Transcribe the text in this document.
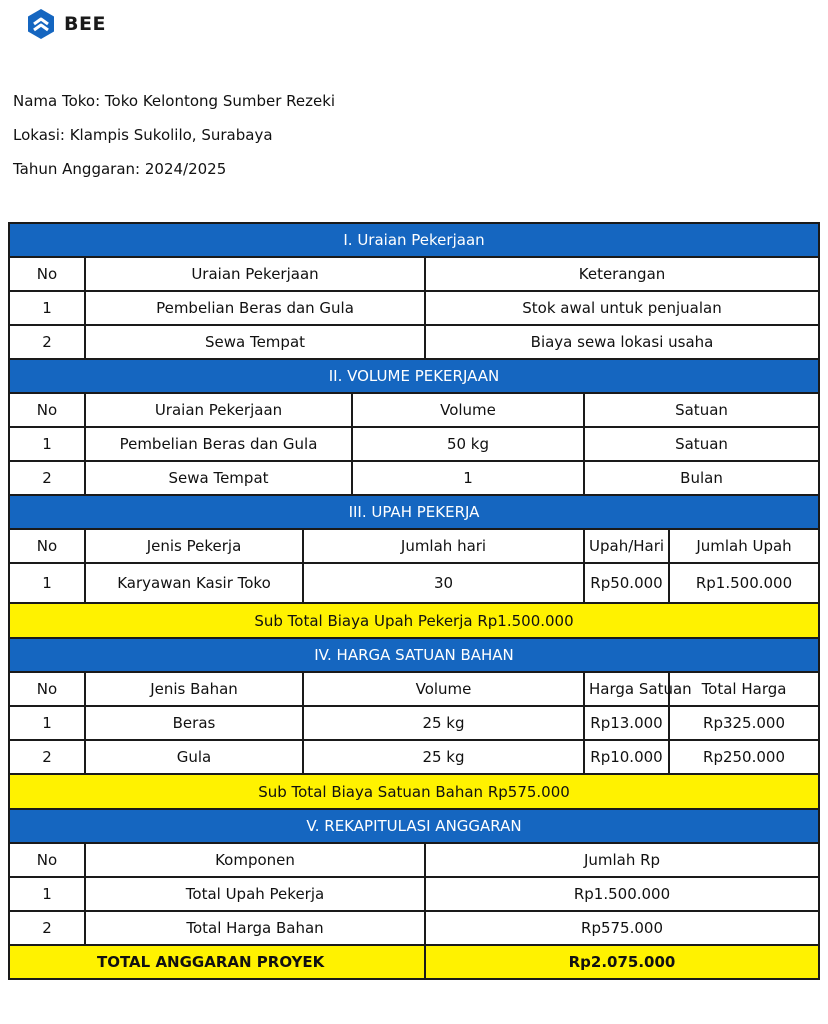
BEE
Nama Toko: Toko Kelontong Sumber Rezeki
Lokasi: Klampis Sukolilo, Surabaya
Tahun Anggaran: 2024/2025
I. Uraian Pekerjaan						
No	Uraian Pekerjaan			Keterangan		
1	Pembelian Beras dan Gula			Stok awal untuk penjualan		
2	Sewa Tempat			Biaya sewa lokasi usaha		
II. VOLUME PEKERJAAN						
No	Uraian Pekerjaan		Volume		Satuan	
1	Pembelian Beras dan Gula		50 kg		Satuan	
2	Sewa Tempat		1		Bulan	
III. UPAH PEKERJA						
No	Jenis Pekerja	Jumlah hari			Upah/Hari	Jumlah Upah
1	Karyawan Kasir Toko	30			Rp50.000	Rp1.500.000
Sub Total Biaya Upah Pekerja Rp1.500.000						
IV. HARGA SATUAN BAHAN						
No	Jenis Bahan	Volume			Harga Satuan	Total Harga
1	Beras	25 kg			Rp13.000	Rp325.000
2	Gula	25 kg			Rp10.000	Rp250.000
Sub Total Biaya Satuan Bahan Rp575.000						
V. REKAPITULASI ANGGARAN						
No	Komponen			Jumlah Rp		
1	Total Upah Pekerja			Rp1.500.000		
2	Total Harga Bahan			Rp575.000		
TOTAL ANGGARAN PROYEK				Rp2.075.000		
